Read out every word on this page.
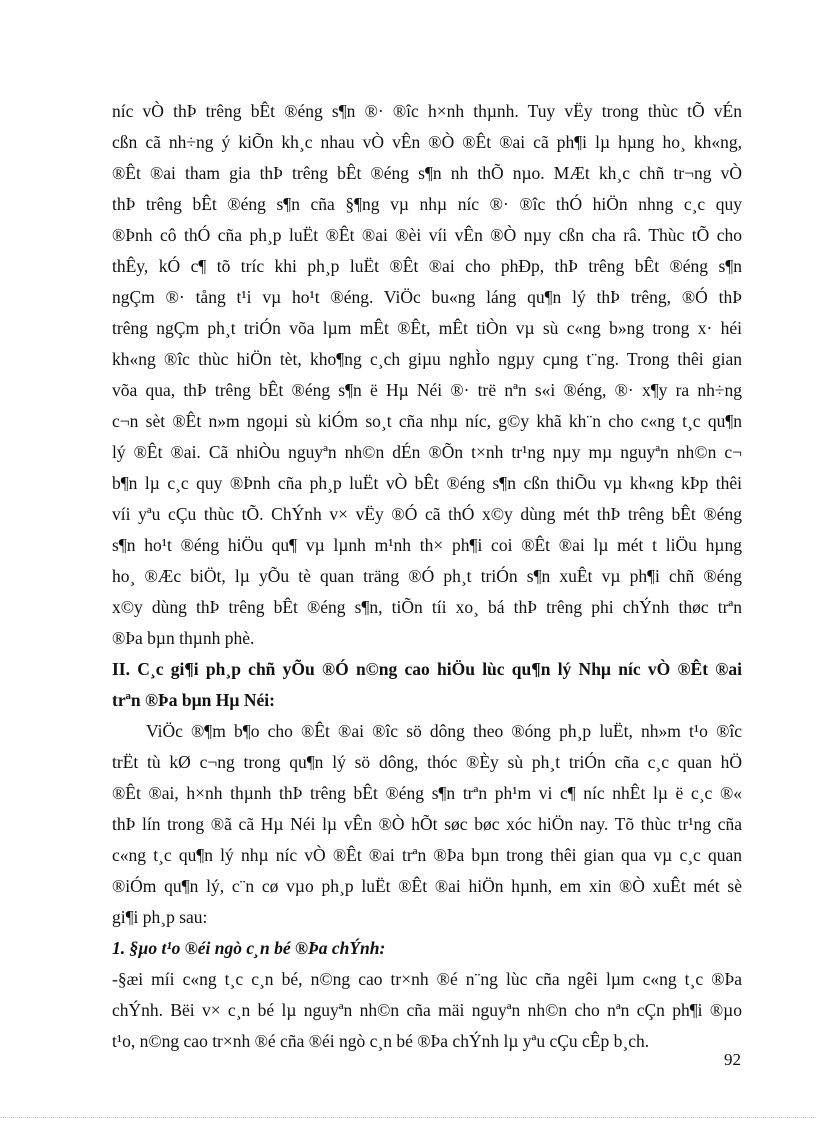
níc vÒ thÞ trêng bÊt ®éng s¶n ®· ®îc h×nh thµnh. Tuy vËy trong thùc tÕ vÉn
cßn cã nh÷ng ý kiÕn kh¸c nhau vÒ vÊn ®Ò ®Êt ®ai cã ph¶i lµ hµng ho¸ kh«ng,
®Êt ®ai tham gia thÞ trêng bÊt ®éng s¶n nh thÕ nµo. MÆt kh¸c chñ tr¬ng vÒ
thÞ trêng bÊt ®éng s¶n cña §¶ng vµ nhµ níc ®· ®îc thÓ hiÖn nhng c¸c quy
®Þnh cô thÓ cña ph¸p luËt ®Êt ®ai ®èi víi vÊn ®Ò nµy cßn cha râ. Thùc tÕ cho
thÊy, kÓ c¶ tõ tríc khi ph¸p luËt ®Êt ®ai cho phÐp, thÞ trêng bÊt ®éng s¶n
ngÇm ®· tång t¹i vµ ho¹t ®éng. ViÖc bu«ng láng qu¶n lý thÞ trêng, ®Ó thÞ
trêng ngÇm ph¸t triÓn võa lµm mÊt ®Êt, mÊt tiÒn vµ sù c«ng b»ng trong x· héi
kh«ng ®îc thùc hiÖn tèt, kho¶ng c¸ch giµu nghÌo ngµy cµng t¨ng. Trong thêi gian
võa qua, thÞ trêng bÊt ®éng s¶n ë Hµ Néi ®· trë nªn s«i ®éng, ®· x¶y ra nh÷ng
c¬n sèt ®Êt n»m ngoµi sù kiÓm so¸t cña nhµ níc, g©y khã kh¨n cho c«ng t¸c qu¶n
lý ®Êt ®ai. Cã nhiÒu nguyªn nh©n dÉn ®Õn t×nh tr¹ng nµy mµ nguyªn nh©n c¬
b¶n lµ c¸c quy ®Þnh cña ph¸p luËt vÒ bÊt ®éng s¶n cßn thiÕu vµ kh«ng kÞp thêi
víi yªu cÇu thùc tÕ. ChÝnh v× vËy ®Ó cã thÓ x©y dùng mét thÞ trêng bÊt ®éng
s¶n ho¹t ®éng hiÖu qu¶ vµ lµnh m¹nh th× ph¶i coi ®Êt ®ai lµ mét t liÖu hµng
ho¸ ®Æc biÖt, lµ yÕu tè quan träng ®Ó ph¸t triÓn s¶n xuÊt vµ ph¶i chñ ®éng
x©y dùng thÞ trêng bÊt ®éng s¶n, tiÕn tíi xo¸ bá thÞ trêng phi chÝnh thøc trªn
®Þa bµn thµnh phè.
II. C¸c gi¶i ph¸p chñ yÕu ®Ó n©ng cao hiÖu lùc qu¶n lý Nhµ níc vÒ ®Êt ®ai
trªn ®Þa bµn Hµ Néi:
ViÖc ®¶m b¶o cho ®Êt ®ai ®îc sö dông theo ®óng ph¸p luËt, nh»m t¹o ®îc
trËt tù kØ c¬ng trong qu¶n lý sö dông, thóc ®Èy sù ph¸t triÓn cña c¸c quan hÖ
®Êt ®ai, h×nh thµnh thÞ trêng bÊt ®éng s¶n trªn ph¹m vi c¶ níc nhÊt lµ ë c¸c ®«
thÞ lín trong ®ã cã Hµ Néi lµ vÊn ®Ò hÕt søc bøc xóc hiÖn nay. Tõ thùc tr¹ng cña
c«ng t¸c qu¶n lý nhµ níc vÒ ®Êt ®ai trªn ®Þa bµn trong thêi gian qua vµ c¸c quan
®iÓm qu¶n lý, c¨n cø vµo ph¸p luËt ®Êt ®ai hiÖn hµnh, em xin ®Ò xuÊt mét sè
gi¶i ph¸p sau:
1. §µo t¹o ®éi ngò c¸n bé ®Þa chÝnh:
-§æi míi c«ng t¸c c¸n bé, n©ng cao tr×nh ®é n¨ng lùc cña ngêi lµm c«ng t¸c ®Þa
chÝnh. Bëi v× c¸n bé lµ nguyªn nh©n cña mäi nguyªn nh©n cho nªn cÇn ph¶i ®µo
t¹o, n©ng cao tr×nh ®é cña ®éi ngò c¸n bé ®Þa chÝnh lµ yªu cÇu cÊp b¸ch.
92
